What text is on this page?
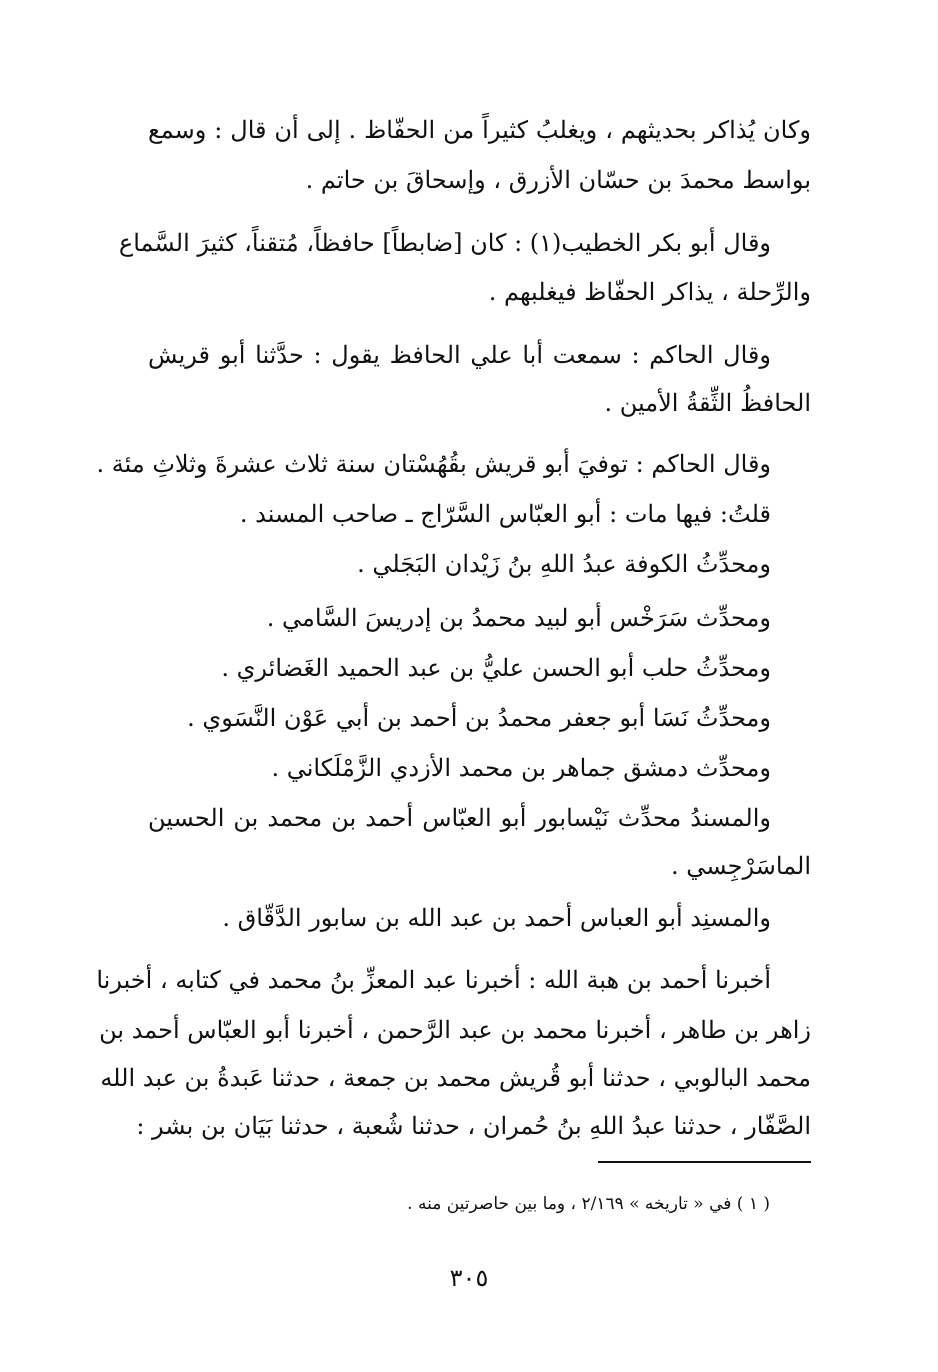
وكان يُذاكر بحديثهم ، ويغلبُ كثيراً من الحفّاظ . إلى أن قال : وسمع
بواسط محمدَ بن حسّان الأزرق ، وإسحاقَ بن حاتم .
وقال أبو بكر الخطيب(١) : كان [ضابطاً] حافظاً، مُتقناً، كثيرَ السَّماع
والرِّحلة ، يذاكر الحفّاظ فيغلبهم .
وقال الحاكم : سمعت أبا علي الحافظ يقول : حدَّثنا أبو قريش
الحافظُ الثِّقةُ الأمين .
وقال الحاكم : توفيَ أبو قريش بقُهُسْتان سنة ثلاث عشرةَ وثلاثِ مئة .
قلتُ: فيها مات : أبو العبّاس السَّرّاج ـ صاحب المسند .
ومحدِّثُ الكوفة عبدُ اللهِ بنُ زَيْدان البَجَلي .
ومحدِّث سَرَخْس أبو لبيد محمدُ بن إدريسَ السَّامي .
ومحدِّثُ حلب أبو الحسن عليُّ بن عبد الحميد الغَضائري .
ومحدِّثُ نَسَا أبو جعفر محمدُ بن أحمد بن أبي عَوْن النَّسَوي .
ومحدِّث دمشق جماهر بن محمد الأزدي الزَّمْلَكاني .
والمسندُ محدِّث نَيْسابور أبو العبّاس أحمد بن محمد بن الحسين
الماسَرْجِسي .
والمسنِد أبو العباس أحمد بن عبد الله بن سابور الدَّقّاق .
أخبرنا أحمد بن هبة الله : أخبرنا عبد المعزِّ بنُ محمد في كتابه ، أخبرنا
زاهر بن طاهر ، أخبرنا محمد بن عبد الرَّحمن ، أخبرنا أبو العبّاس أحمد بن
محمد البالوبي ، حدثنا أبو قُريش محمد بن جمعة ، حدثنا عَبدةُ بن عبد الله
الصَّفّار ، حدثنا عبدُ اللهِ بنُ حُمران ، حدثنا شُعبة ، حدثنا بَيَان بن بشر :
( ١ ) في « تاريخه » ٢/١٦٩ ، وما بين حاصرتين منه .
٣٠٥
